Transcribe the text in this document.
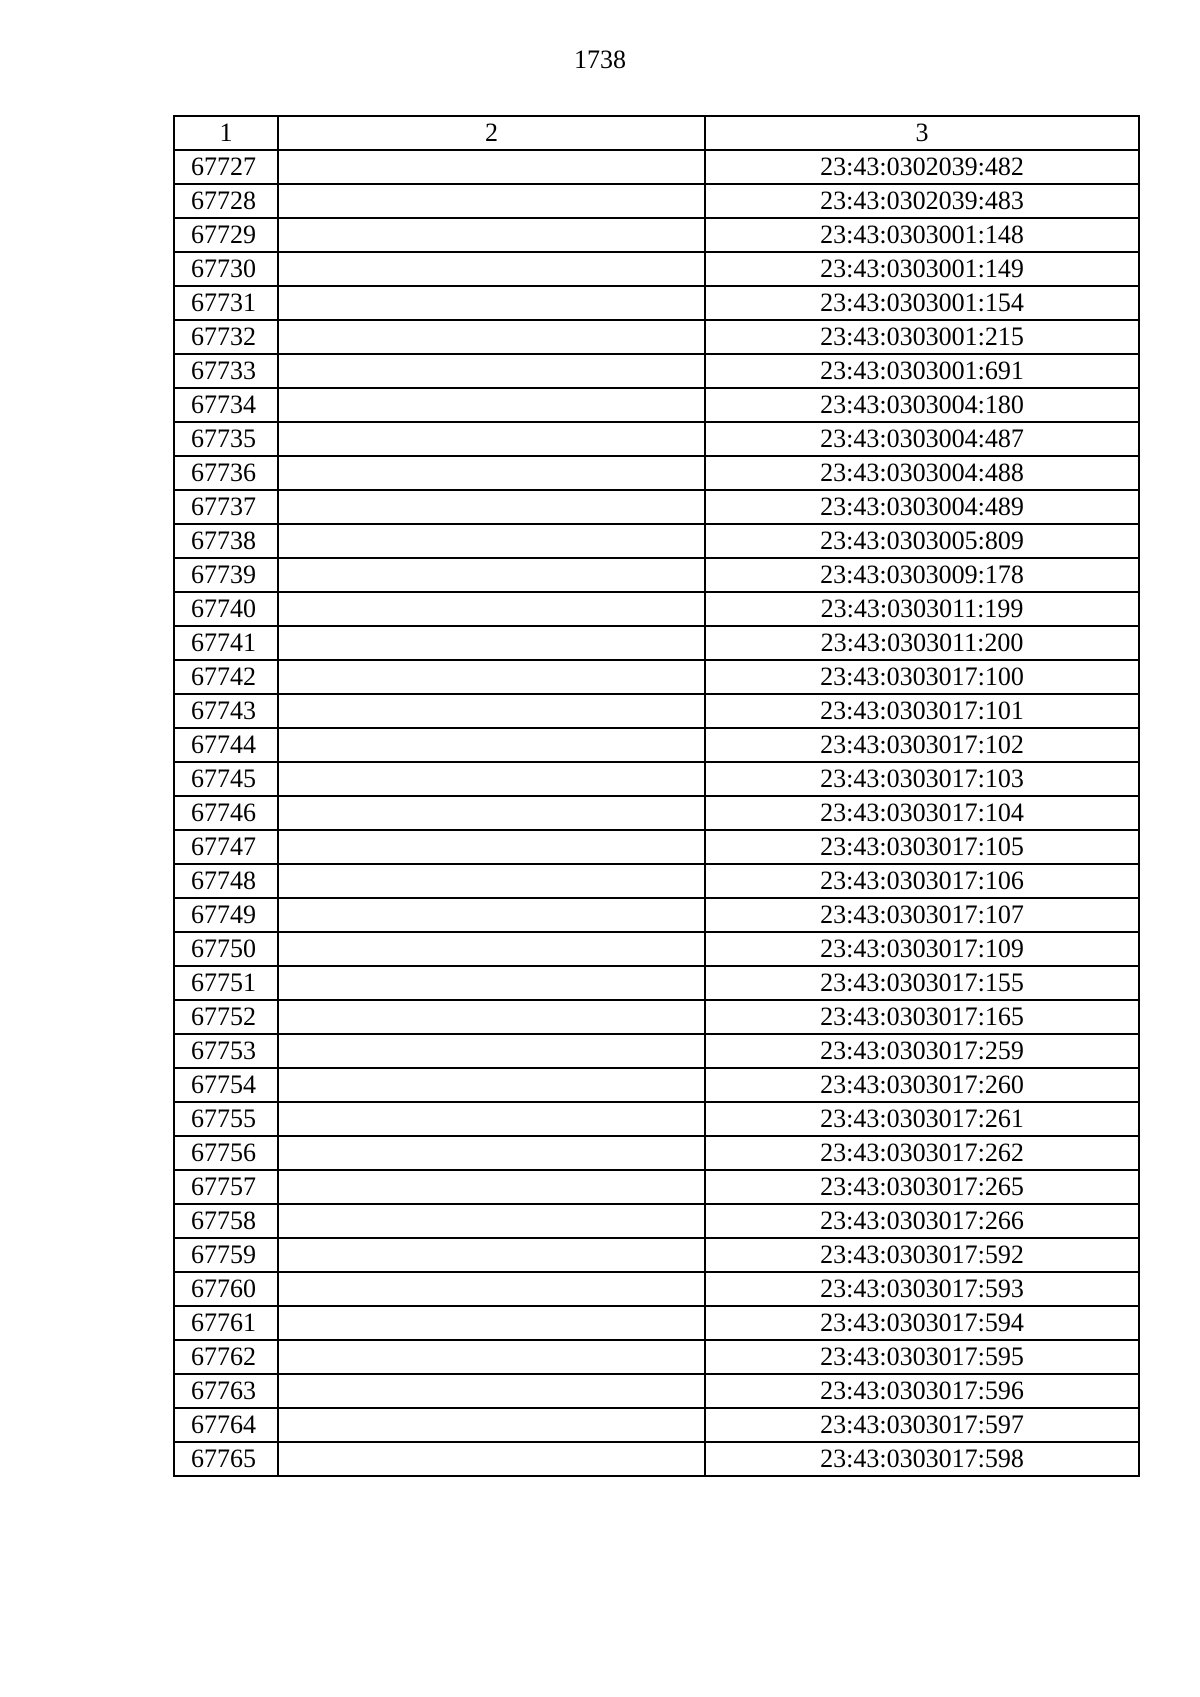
1738
1	2	3
67727		23:43:0302039:482
67728		23:43:0302039:483
67729		23:43:0303001:148
67730		23:43:0303001:149
67731		23:43:0303001:154
67732		23:43:0303001:215
67733		23:43:0303001:691
67734		23:43:0303004:180
67735		23:43:0303004:487
67736		23:43:0303004:488
67737		23:43:0303004:489
67738		23:43:0303005:809
67739		23:43:0303009:178
67740		23:43:0303011:199
67741		23:43:0303011:200
67742		23:43:0303017:100
67743		23:43:0303017:101
67744		23:43:0303017:102
67745		23:43:0303017:103
67746		23:43:0303017:104
67747		23:43:0303017:105
67748		23:43:0303017:106
67749		23:43:0303017:107
67750		23:43:0303017:109
67751		23:43:0303017:155
67752		23:43:0303017:165
67753		23:43:0303017:259
67754		23:43:0303017:260
67755		23:43:0303017:261
67756		23:43:0303017:262
67757		23:43:0303017:265
67758		23:43:0303017:266
67759		23:43:0303017:592
67760		23:43:0303017:593
67761		23:43:0303017:594
67762		23:43:0303017:595
67763		23:43:0303017:596
67764		23:43:0303017:597
67765		23:43:0303017:598
